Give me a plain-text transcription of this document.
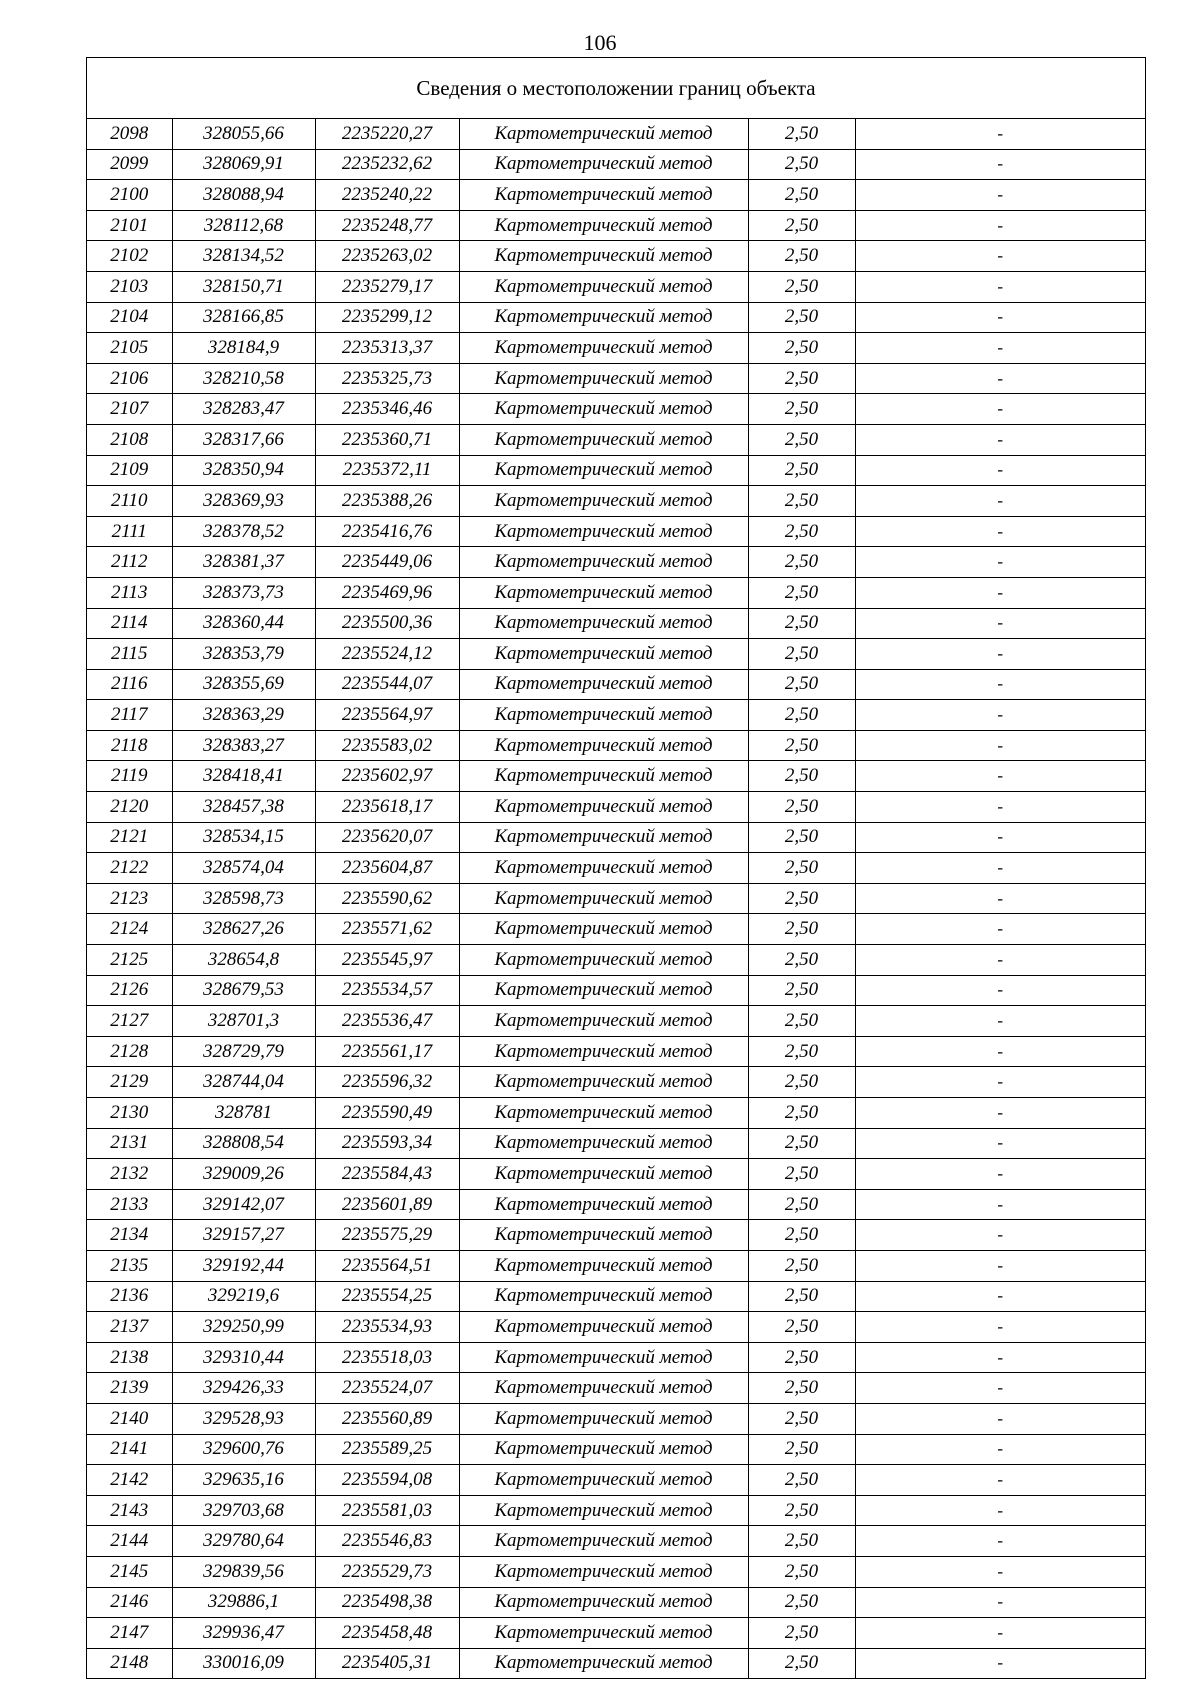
106
Сведения о местоположении границ объекта
2098	328055,66	2235220,27	Картометрический метод	2,50	-
2099	328069,91	2235232,62	Картометрический метод	2,50	-
2100	328088,94	2235240,22	Картометрический метод	2,50	-
2101	328112,68	2235248,77	Картометрический метод	2,50	-
2102	328134,52	2235263,02	Картометрический метод	2,50	-
2103	328150,71	2235279,17	Картометрический метод	2,50	-
2104	328166,85	2235299,12	Картометрический метод	2,50	-
2105	328184,9	2235313,37	Картометрический метод	2,50	-
2106	328210,58	2235325,73	Картометрический метод	2,50	-
2107	328283,47	2235346,46	Картометрический метод	2,50	-
2108	328317,66	2235360,71	Картометрический метод	2,50	-
2109	328350,94	2235372,11	Картометрический метод	2,50	-
2110	328369,93	2235388,26	Картометрический метод	2,50	-
2111	328378,52	2235416,76	Картометрический метод	2,50	-
2112	328381,37	2235449,06	Картометрический метод	2,50	-
2113	328373,73	2235469,96	Картометрический метод	2,50	-
2114	328360,44	2235500,36	Картометрический метод	2,50	-
2115	328353,79	2235524,12	Картометрический метод	2,50	-
2116	328355,69	2235544,07	Картометрический метод	2,50	-
2117	328363,29	2235564,97	Картометрический метод	2,50	-
2118	328383,27	2235583,02	Картометрический метод	2,50	-
2119	328418,41	2235602,97	Картометрический метод	2,50	-
2120	328457,38	2235618,17	Картометрический метод	2,50	-
2121	328534,15	2235620,07	Картометрический метод	2,50	-
2122	328574,04	2235604,87	Картометрический метод	2,50	-
2123	328598,73	2235590,62	Картометрический метод	2,50	-
2124	328627,26	2235571,62	Картометрический метод	2,50	-
2125	328654,8	2235545,97	Картометрический метод	2,50	-
2126	328679,53	2235534,57	Картометрический метод	2,50	-
2127	328701,3	2235536,47	Картометрический метод	2,50	-
2128	328729,79	2235561,17	Картометрический метод	2,50	-
2129	328744,04	2235596,32	Картометрический метод	2,50	-
2130	328781	2235590,49	Картометрический метод	2,50	-
2131	328808,54	2235593,34	Картометрический метод	2,50	-
2132	329009,26	2235584,43	Картометрический метод	2,50	-
2133	329142,07	2235601,89	Картометрический метод	2,50	-
2134	329157,27	2235575,29	Картометрический метод	2,50	-
2135	329192,44	2235564,51	Картометрический метод	2,50	-
2136	329219,6	2235554,25	Картометрический метод	2,50	-
2137	329250,99	2235534,93	Картометрический метод	2,50	-
2138	329310,44	2235518,03	Картометрический метод	2,50	-
2139	329426,33	2235524,07	Картометрический метод	2,50	-
2140	329528,93	2235560,89	Картометрический метод	2,50	-
2141	329600,76	2235589,25	Картометрический метод	2,50	-
2142	329635,16	2235594,08	Картометрический метод	2,50	-
2143	329703,68	2235581,03	Картометрический метод	2,50	-
2144	329780,64	2235546,83	Картометрический метод	2,50	-
2145	329839,56	2235529,73	Картометрический метод	2,50	-
2146	329886,1	2235498,38	Картометрический метод	2,50	-
2147	329936,47	2235458,48	Картометрический метод	2,50	-
2148	330016,09	2235405,31	Картометрический метод	2,50	-
